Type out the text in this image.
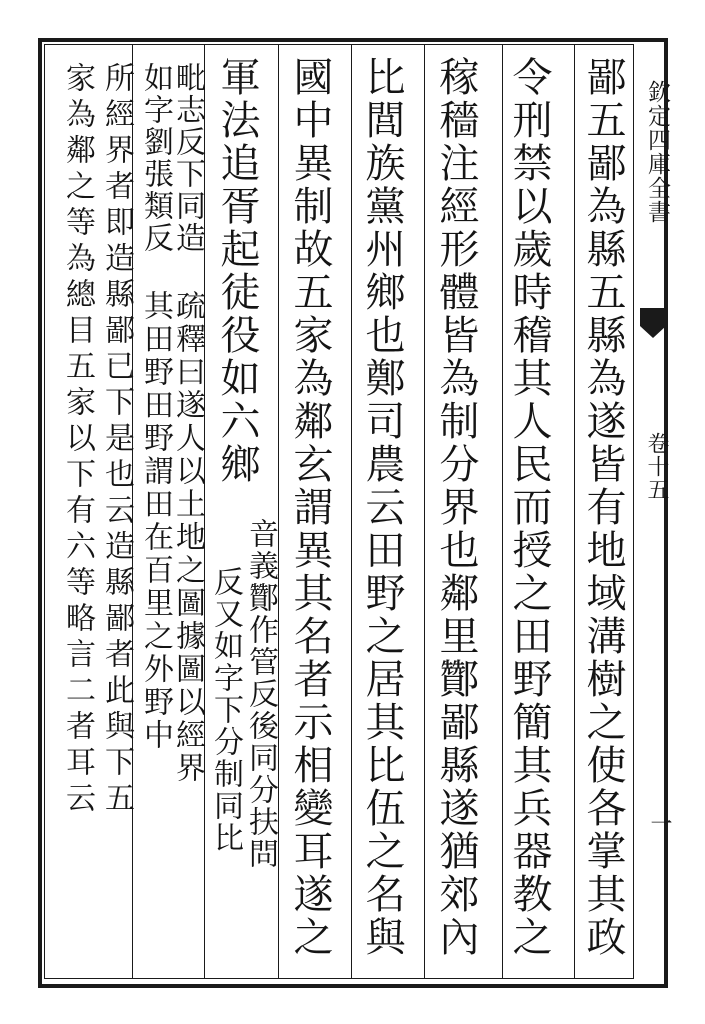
欽定四庫全書
卷十五
一
鄙五鄙為縣五縣為遂皆有地域溝樹之使各掌其政
令刑禁以歲時稽其人民而授之田野簡其兵器教之
稼穡注經形體皆為制分界也鄰里酇鄙縣遂猶郊內
比閭族黨州鄉也鄭司農云田野之居其比伍之名與
國中異制故五家為鄰玄謂異其名者示相變耳遂之
軍法追胥起徒役如六鄉
音義酇作管反後同分扶問
反又如字下分制同比
毗志反下同造
如字劉張類反
疏釋曰遂人以土地之圖據圖以經界
其田野田野謂田在百里之外野中
所經界者即造縣鄙已下是也云造縣鄙者此與下五
家為鄰之等為總目五家以下有六等略言二者耳云
